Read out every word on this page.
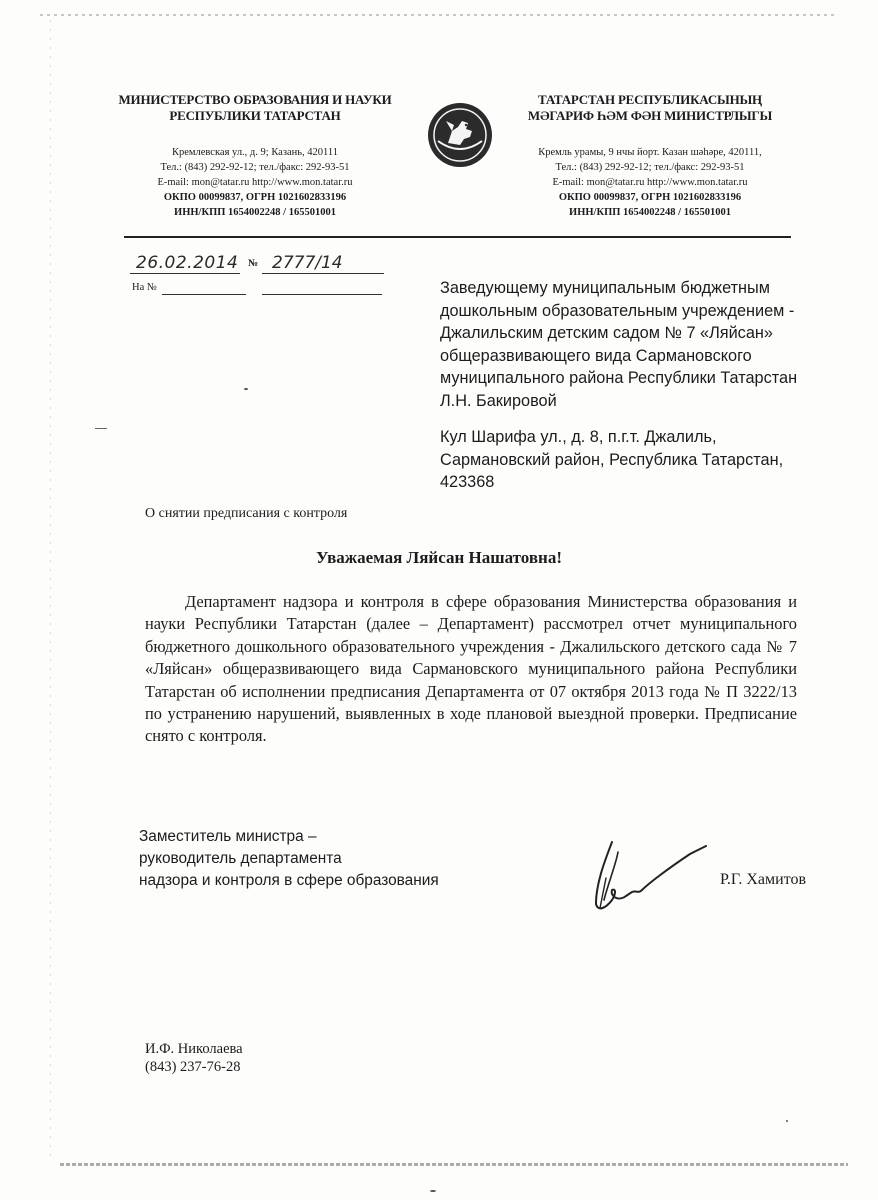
МИНИСТЕРСТВО ОБРАЗОВАНИЯ И НАУКИ
РЕСПУБЛИКИ ТАТАРСТАН
Кремлевская ул., д. 9; Казань, 420111
Тел.: (843) 292-92-12; тел./факс: 292-93-51
E-mail: mon@tatar.ru http://www.mon.tatar.ru
ОКПО 00099837, ОГРН 1021602833196
ИНН/КПП 1654002248 / 165501001
ТАТАРСТАН РЕСПУБЛИКАСЫНЫҢ
МӘГАРИФ ҺӘМ ФӘН МИНИСТРЛЫГЫ
Кремль урамы, 9 нчы йорт. Казан шәһәре, 420111,
Тел.: (843) 292-92-12; тел./факс: 292-93-51
E-mail: mon@tatar.ru http://www.mon.tatar.ru
ОКПО 00099837, ОГРН 1021602833196
ИНН/КПП 1654002248 / 165501001
26.02.2014 № 2777/14
На №	Заведующему муниципальным бюджетным
дошкольным образовательным учреждением -
Джалильским детским садом № 7 «Ляйсан»
общеразвивающего вида Сармановского
муниципального района Республики Татарстан
Л.Н. Бакировой
Кул Шарифа ул., д. 8, п.г.т. Джалиль,
Сармановский район, Республика Татарстан,
423368
О снятии предписания с контроля
Уважаемая Ляйсан Нашатовна!

Департамент надзора и контроля в сфере образования Министерства образования и науки Республики Татарстан (далее – Департамент) рассмотрел отчет муниципального бюджетного дошкольного образовательного учреждения - Джалильского детского сада № 7 «Ляйсан» общеразвивающего вида Сармановского муниципального района Республики Татарстан об исполнении предписания Департамента от 07 октября 2013 года № П 3222/13 по устранению нарушений, выявленных в ходе плановой выездной проверки. Предписание снято с контроля.

Заместитель министра –
руководитель департамента
надзора и контроля в сфере образования	Р.Г. Хамитов
И.Ф. Николаева
(843) 237-76-28
